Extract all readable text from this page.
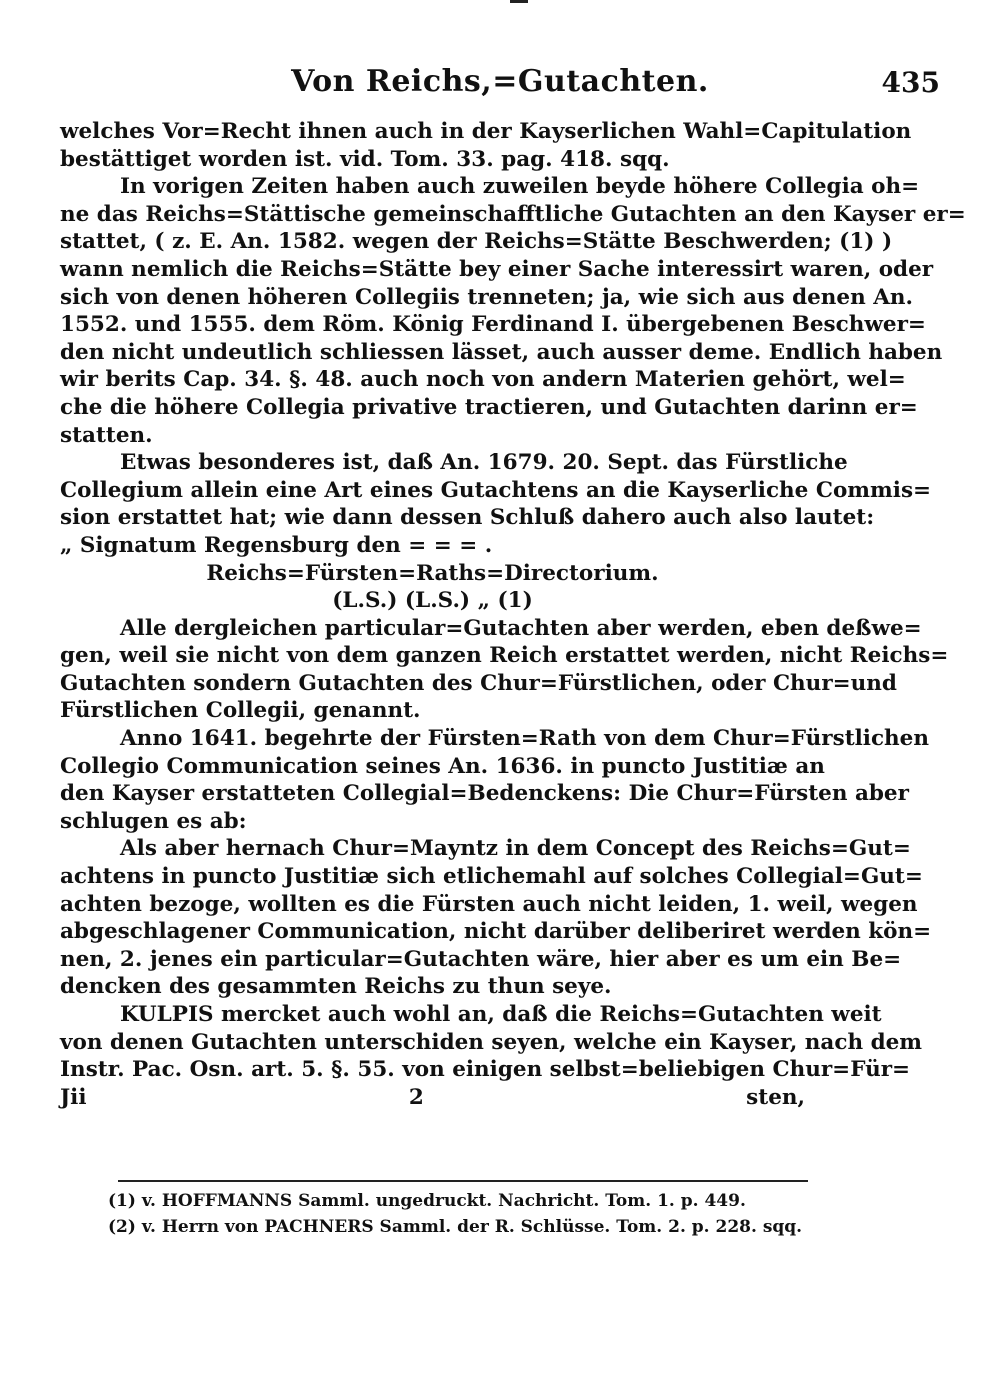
Von Reichs,=Gutachten.	435
welches Vor=Recht ihnen auch in der Kayserlichen Wahl=Capitulation
bestättiget worden ist. vid. Tom. 33. pag. 418. sqq.
In vorigen Zeiten haben auch zuweilen beyde höhere Collegia oh=
ne das Reichs=Stättische gemeinschafftliche Gutachten an den Kayser er=
stattet, ( z. E. An. 1582. wegen der Reichs=Stätte Beschwerden; (1) )
wann nemlich die Reichs=Stätte bey einer Sache interessirt waren, oder
sich von denen höheren Collegiis trenneten; ja, wie sich aus denen An.
1552. und 1555. dem Röm. König Ferdinand I. übergebenen Beschwer=
den nicht undeutlich schliessen lässet, auch ausser deme. Endlich haben
wir berits Cap. 34. §. 48. auch noch von andern Materien gehört, wel=
che die höhere Collegia privative tractieren, und Gutachten darinn er=
statten.
Etwas besonderes ist, daß An. 1679. 20. Sept. das Fürstliche
Collegium allein eine Art eines Gutachtens an die Kayserliche Commis=
sion erstattet hat; wie dann dessen Schluß dahero auch also lautet:
„ Signatum Regensburg den = = = .
Reichs=Fürsten=Raths=Directorium.
(L.S.) (L.S.) „ (1)
Alle dergleichen particular=Gutachten aber werden, eben deßwe=
gen, weil sie nicht von dem ganzen Reich erstattet werden, nicht Reichs=
Gutachten sondern Gutachten des Chur=Fürstlichen, oder Chur=und
Fürstlichen Collegii, genannt.
Anno 1641. begehrte der Fürsten=Rath von dem Chur=Fürstlichen
Collegio Communication seines An. 1636. in puncto Justitiæ an
den Kayser erstatteten Collegial=Bedenckens: Die Chur=Fürsten aber
schlugen es ab:
Als aber hernach Chur=Mayntz in dem Concept des Reichs=Gut=
achtens in puncto Justitiæ sich etlichemahl auf solches Collegial=Gut=
achten bezoge, wollten es die Fürsten auch nicht leiden, 1. weil, wegen
abgeschlagener Communication, nicht darüber deliberiret werden kön=
nen, 2. jenes ein particular=Gutachten wäre, hier aber es um ein Be=
dencken des gesammten Reichs zu thun seye.
KULPIS mercket auch wohl an, daß die Reichs=Gutachten weit
von denen Gutachten unterschiden seyen, welche ein Kayser, nach dem
Instr. Pac. Osn. art. 5. §. 55. von einigen selbst=beliebigen Chur=Für=
Jii 2 sten,
(1) v. HOFFMANNS Samml. ungedruckt. Nachricht. Tom. 1. p. 449.
(2) v. Herrn von PACHNERS Samml. der R. Schlüsse. Tom. 2. p. 228. sqq.
